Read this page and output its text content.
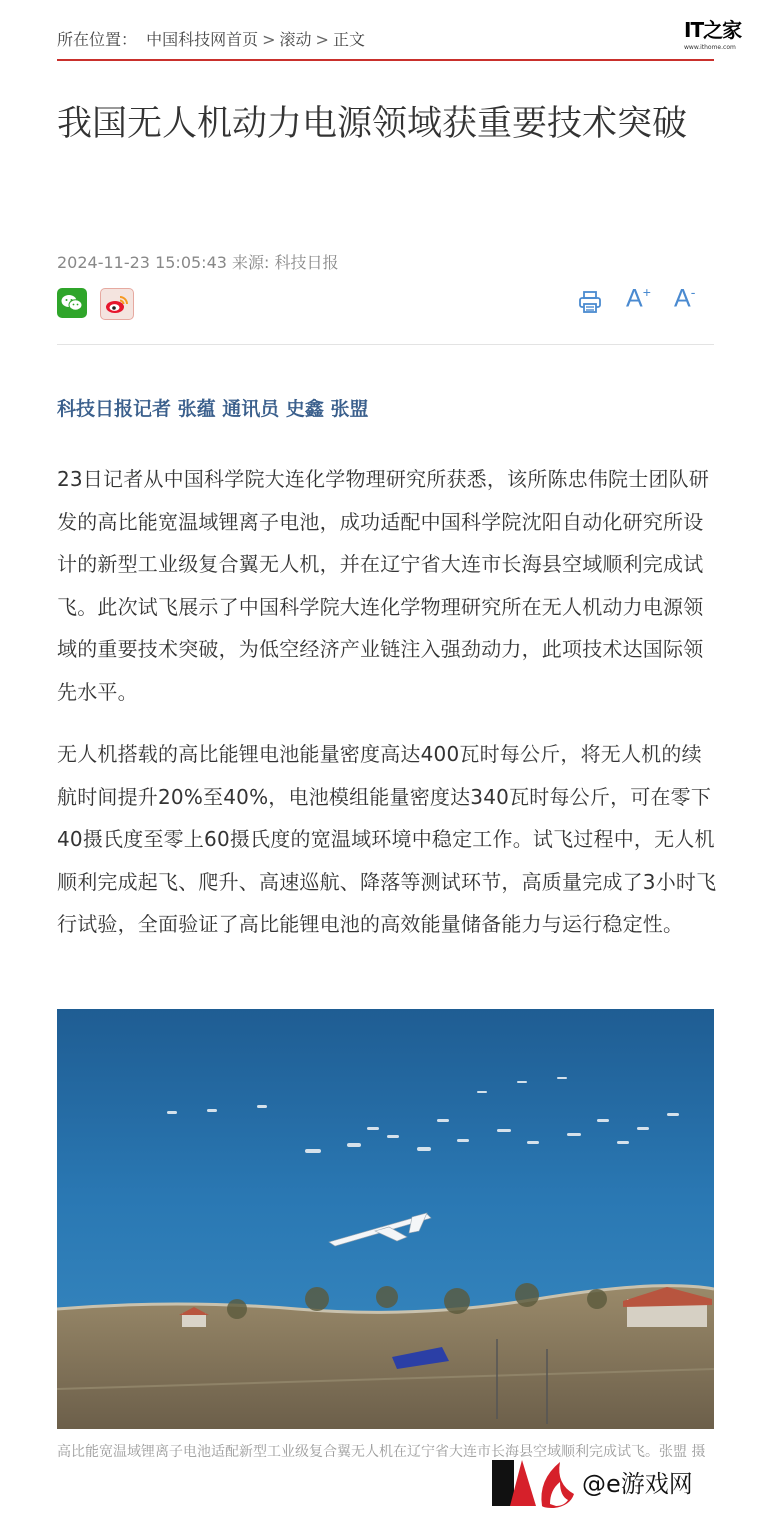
所在位置： 中国科技网首页 > 滚动 > 正文	IT之家
www.ithome.com
我国无人机动力电源领域获重要技术突破
2024-11-23 15:05:43 来源: 科技日报
A+ A-
科技日报记者 张蕴 通讯员 史鑫 张盟

23日记者从中国科学院大连化学物理研究所获悉，该所陈忠伟院士团队研发的高比能宽温域锂离子电池，成功适配中国科学院沈阳自动化研究所设计的新型工业级复合翼无人机，并在辽宁省大连市长海县空域顺利完成试飞。此次试飞展示了中国科学院大连化学物理研究所在无人机动力电源领域的重要技术突破，为低空经济产业链注入强劲动力，此项技术达国际领先水平。

无人机搭载的高比能锂电池能量密度高达400瓦时每公斤，将无人机的续航时间提升20%至40%，电池模组能量密度达340瓦时每公斤，可在零下40摄氏度至零上60摄氏度的宽温域环境中稳定工作。试飞过程中，无人机顺利完成起飞、爬升、高速巡航、降落等测试环节，高质量完成了3小时飞行试验，全面验证了高比能锂电池的高效能量储备能力与运行稳定性。

高比能宽温域锂离子电池适配新型工业级复合翼无人机在辽宁省大连市长海县空域顺利完成试飞。张盟 摄
@e游戏网
